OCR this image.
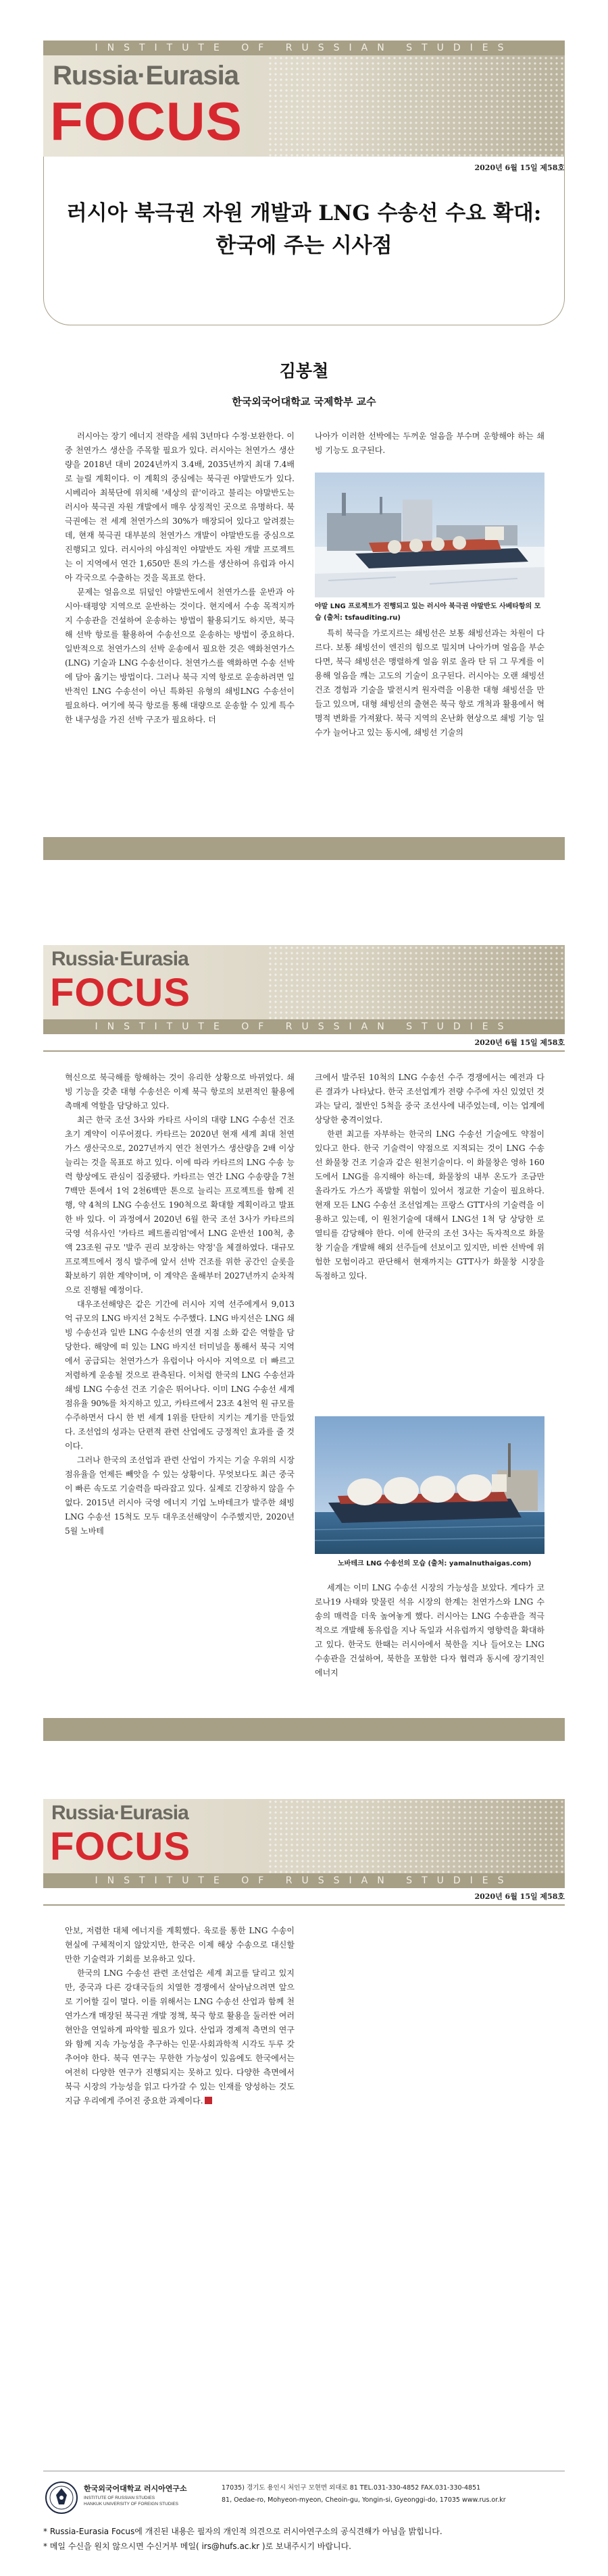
INSTITUTE OF RUSSIAN STUDIES
Russia·Eurasia
FOCUS
2020년 6월 15일 제58호
러시아 북극권 자원 개발과 LNG 수송선 수요 확대:
한국에 주는 시사점
김봉철
한국외국어대학교 국제학부 교수

러시아는 장기 에너지 전략을 세워 3년마다 수정·보완한다. 이 중 천연가스 생산을 주목할 필요가 있다. 러시아는 천연가스 생산량을 2018년 대비 2024년까지 3.4배, 2035년까지 최대 7.4배로 늘릴 계획이다. 이 계획의 중심에는 북극권 야말반도가 있다. 시베리아 최북단에 위치해 '세상의 끝'이라고 불리는 야말반도는 러시아 북극권 자원 개발에서 매우 상징적인 곳으로 유명하다. 북극권에는 전 세계 천연가스의 30%가 매장되어 있다고 알려졌는데, 현재 북극권 대부분의 천연가스 개발이 야말반도를 중심으로 진행되고 있다. 러시아의 야심적인 야말반도 자원 개발 프로젝트는 이 지역에서 연간 1,650만 톤의 가스를 생산하여 유럽과 아시아 각국으로 수출하는 것을 목표로 한다.

문제는 얼음으로 뒤덮인 야말반도에서 천연가스를 운반과 아시아·태평양 지역으로 운반하는 것이다. 현지에서 수송 목적지까지 수송관을 건설하여 운송하는 방법이 활용되기도 하지만, 북극해 선박 항로를 활용하여 수송선으로 운송하는 방법이 중요하다. 일반적으로 천연가스의 선박 운송에서 필요한 것은 액화천연가스(LNG) 기술과 LNG 수송선이다. 천연가스를 액화하면 수송 선박에 담아 옮기는 방법이다. 그러나 북극 지역 항로로 운송하려면 일반적인 LNG 수송선이 아닌 특화된 유형의 쇄빙LNG 수송선이 필요하다. 여기에 북극 항로를 통해 대량으로 운송할 수 있게 특수한 내구성을 가진 선박 구조가 필요하다. 더

나아가 이러한 선박에는 두꺼운 얼음을 부수며 운항해야 하는 쇄빙 기능도 요구된다.

야말 LNG 프로젝트가 진행되고 있는 러시아 북극권 야말반도 사베타항의 모습 (출처: tsfauditing.ru)

특히 북극을 가로지르는 쇄빙선은 보통 쇄빙선과는 차원이 다르다. 보통 쇄빙선이 엔진의 힘으로 밀치며 나아가며 얼음을 부순다면, 북극 쇄빙선은 맹렬하게 얼음 위로 올라 탄 뒤 그 무게를 이용해 얼음을 깨는 고도의 기술이 요구된다. 러시아는 오랜 쇄빙선 건조 경험과 기술을 발전시켜 원자력을 이용한 대형 쇄빙선을 만들고 있으며, 대형 쇄빙선의 출현은 북극 항로 개척과 활용에서 혁명적 변화를 가져왔다. 북극 지역의 온난화 현상으로 쇄빙 기능 일수가 늘어나고 있는 동시에, 쇄빙선 기술의

Russia·Eurasia
FOCUS
INSTITUTE OF RUSSIAN STUDIES
2020년 6월 15일 제58호

혁신으로 북극해를 항해하는 것이 유리한 상황으로 바뀌었다. 쇄빙 기능을 갖춘 대형 수송선은 이제 북극 항로의 보편적인 활용에 촉매제 역할을 담당하고 있다.

최근 한국 조선 3사와 카타르 사이의 대량 LNG 수송선 건조 초기 계약이 이루어졌다. 카타르는 2020년 현재 세계 최대 천연가스 생산국으로, 2027년까지 연간 천연가스 생산량을 2배 이상 늘리는 것을 목표로 하고 있다. 이에 따라 카타르의 LNG 수송 능력 향상에도 관심이 집중됐다. 카타르는 연간 LNG 수송량을 7천7백만 톤에서 1억 2천6백만 톤으로 늘리는 프로젝트를 함께 진행, 약 4척의 LNG 수송선도 190척으로 확대할 계획이라고 발표한 바 있다. 이 과정에서 2020년 6월 한국 조선 3사가 카타르의 국영 석유사인 '카타르 페트롤리엄'에서 LNG 운반선 100척, 총액 23조원 규모 '발주 권리 보장하는 약정'을 체결하였다. 대규모 프로젝트에서 정식 발주에 앞서 선박 건조를 위한 공간인 슬롯을 확보하기 위한 계약이며, 이 계약은 올해부터 2027년까지 순차적으로 진행될 예정이다.

대우조선해양은 같은 기간에 러시아 지역 선주에게서 9,013억 규모의 LNG 바지선 2척도 수주했다. LNG 바지선은 LNG 쇄빙 수송선과 일반 LNG 수송선의 연결 지점 소화 같은 역할을 담당한다. 해양에 떠 있는 LNG 바지선 터미널을 통해서 북극 지역에서 공급되는 천연가스가 유럽이나 아시아 지역으로 더 빠르고 저렴하게 운송될 것으로 관측된다. 이처럼 한국의 LNG 수송선과 쇄빙 LNG 수송선 건조 기술은 뛰어나다. 이미 LNG 수송선 세계 점유율 90%를 차지하고 있고, 카타르에서 23조 4천억 원 규모를 수주하면서 다시 한 번 세계 1위를 탄탄히 지키는 계기를 만들었다. 조선업의 성과는 단편적 관련 산업에도 긍정적인 효과를 줄 것이다.

그러나 한국의 조선업과 관련 산업이 가지는 기술 우위의 시장 점유율을 언제든 빼앗을 수 있는 상황이다. 무엇보다도 최근 중국이 빠른 속도로 기술력을 따라잡고 있다. 실제로 긴장하지 않을 수 없다. 2015년 러시아 국영 에너지 기업 노바테크가 발주한 쇄빙 LNG 수송선 15척도 모두 대우조선해양이 수주했지만, 2020년 5월 노바테

크에서 발주된 10척의 LNG 수송선 수주 경쟁에서는 예전과 다른 결과가 나타났다. 한국 조선업계가 전량 수주에 자신 있었던 것과는 달리, 절반인 5척을 중국 조선사에 내주었는데, 이는 업계에 상당한 충격이었다.

한편 최고를 자부하는 한국의 LNG 수송선 기술에도 약점이 있다고 한다. 한국 기술력이 약점으로 지적되는 것이 LNG 수송선 화물창 건조 기술과 같은 원천기술이다. 이 화물창은 영하 160도에서 LNG를 유지해야 하는데, 화물창의 내부 온도가 조금만 올라가도 가스가 폭발할 위험이 있어서 정교한 기술이 필요하다. 현재 모든 LNG 수송선 조선업계는 프랑스 GTT사의 기술력을 이용하고 있는데, 이 원천기술에 대해서 LNG선 1척 당 상당한 로열티를 감당해야 한다. 이에 한국의 조선 3사는 독자적으로 화물창 기술을 개발해 해외 선주들에 선보이고 있지만, 비싼 선박에 위험한 모험이라고 판단해서 현재까지는 GTT사가 화물창 시장을 독점하고 있다.

노바테크 LNG 수송선의 모습 (출처: yamalnuthaigas.com)

세계는 이미 LNG 수송선 시장의 가능성을 보았다. 게다가 코로나19 사태와 맞물린 석유 시장의 한계는 천연가스와 LNG 수송의 매력을 더욱 높여놓게 했다. 러시아는 LNG 수송관을 적극적으로 개발해 동유럽을 지나 독일과 서유럽까지 영향력을 확대하고 있다. 한국도 한때는 러시아에서 북한을 지나 들어오는 LNG 수송관을 건설하여, 북한을 포함한 다자 협력과 동시에 장기적인 에너지

Russia·Eurasia
FOCUS
INSTITUTE OF RUSSIAN STUDIES
2020년 6월 15일 제58호

안보, 저렴한 대체 에너지를 계획했다. 육로를 통한 LNG 수송이 현실에 구체적이지 않았지만, 한국은 이제 해상 수송으로 대신할 만한 기술력과 기회를 보유하고 있다.

한국의 LNG 수송선 관련 조선업은 세계 최고를 달리고 있지만, 중국과 다른 강대국들의 치열한 경쟁에서 살아남으려면 앞으로 기어할 길이 멀다. 이를 위해서는 LNG 수송선 산업과 함께 천연가스개 매장된 북극권 개발 정책, 북극 항로 활용을 둘러싼 여러 현안을 연일하게 파악할 필요가 있다. 산업과 경제적 측면의 연구와 함께 지속 가능성을 추구하는 인문·사회과학적 시각도 두루 갖추어야 한다. 북극 연구는 무한한 가능성이 있음에도 한국에서는 여전히 다양한 연구가 진행되지는 못하고 있다. 다양한 측면에서 북극 시장의 가능성을 읽고 다가갈 수 있는 인재를 양성하는 것도 지금 우리에게 주어진 중요한 과제이다.

한국외국어대학교 러시아연구소
INSTITUTE OF RUSSIAN STUDIES
HANKUK UNIVERSITY OF FOREIGN STUDIES
17035) 경기도 용인시 처인구 모현면 외대로 81 TEL.031-330-4852 FAX.031-330-4851
81, Oedae-ro, Mohyeon-myeon, Cheoin-gu, Yongin-si, Gyeonggi-do, 17035 www.rus.or.kr
* Russia-Eurasia Focus에 개진된 내용은 필자의 개인적 의견으로 러시아연구소의 공식견해가 아님을 밝힙니다.
* 메일 수신을 원치 않으시면 수신거부 메일( irs@hufs.ac.kr )로 보내주시기 바랍니다.
